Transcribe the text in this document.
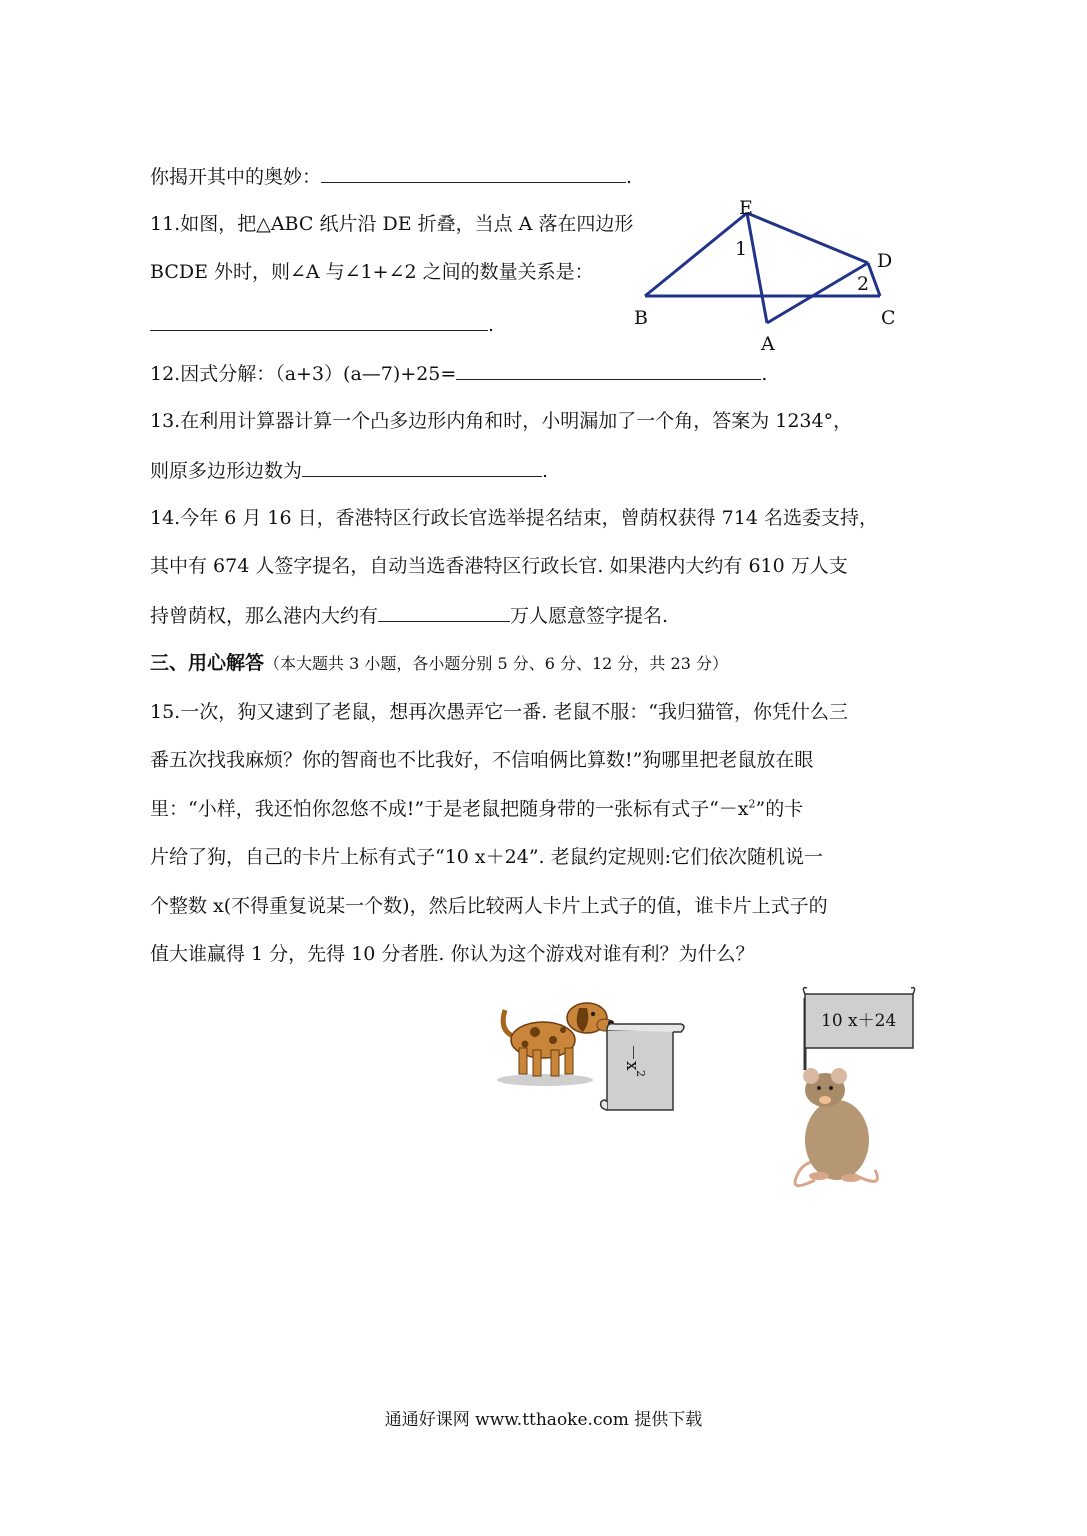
你揭开其中的奥妙：	.
11.如图，把△ABC 纸片沿 DE 折叠，当点 A 落在四边形
BCDE 外时，则∠A 与∠1+∠2 之间的数量关系是：
.
E
D
B	C
A
1
2
12.因式分解：（a+3）(a—7)+25=	.
13.在利用计算器计算一个凸多边形内角和时，小明漏加了一个角，答案为 1234°，
则原多边形边数为	.
14.今年 6 月 16 日，香港特区行政长官选举提名结束，曾荫权获得 714 名选委支持，
其中有 674 人签字提名，自动当选香港特区行政长官. 如果港内大约有 610 万人支
持曾荫权，那么港内大约有	万人愿意签字提名.
三、用心解答（本大题共 3 小题，各小题分别 5 分、6 分、12 分，共 23 分）
15.一次，狗又逮到了老鼠，想再次愚弄它一番. 老鼠不服：“我归猫管，你凭什么三
番五次找我麻烦？你的智商也不比我好，不信咱俩比算数!”狗哪里把老鼠放在眼
里：“小样，我还怕你忽悠不成!”于是老鼠把随身带的一张标有式子“$-x^2$”的卡
片给了狗，自己的卡片上标有式子“10 x＋24”. 老鼠约定规则:它们依次随机说一
个整数 x(不得重复说某一个数)，然后比较两人卡片上式子的值，谁卡片上式子的
值大谁赢得 1 分，先得 10 分者胜. 你认为这个游戏对谁有利？为什么？
－x
2
10 x＋24
通通好课网 www.tthaoke.com 提供下载
